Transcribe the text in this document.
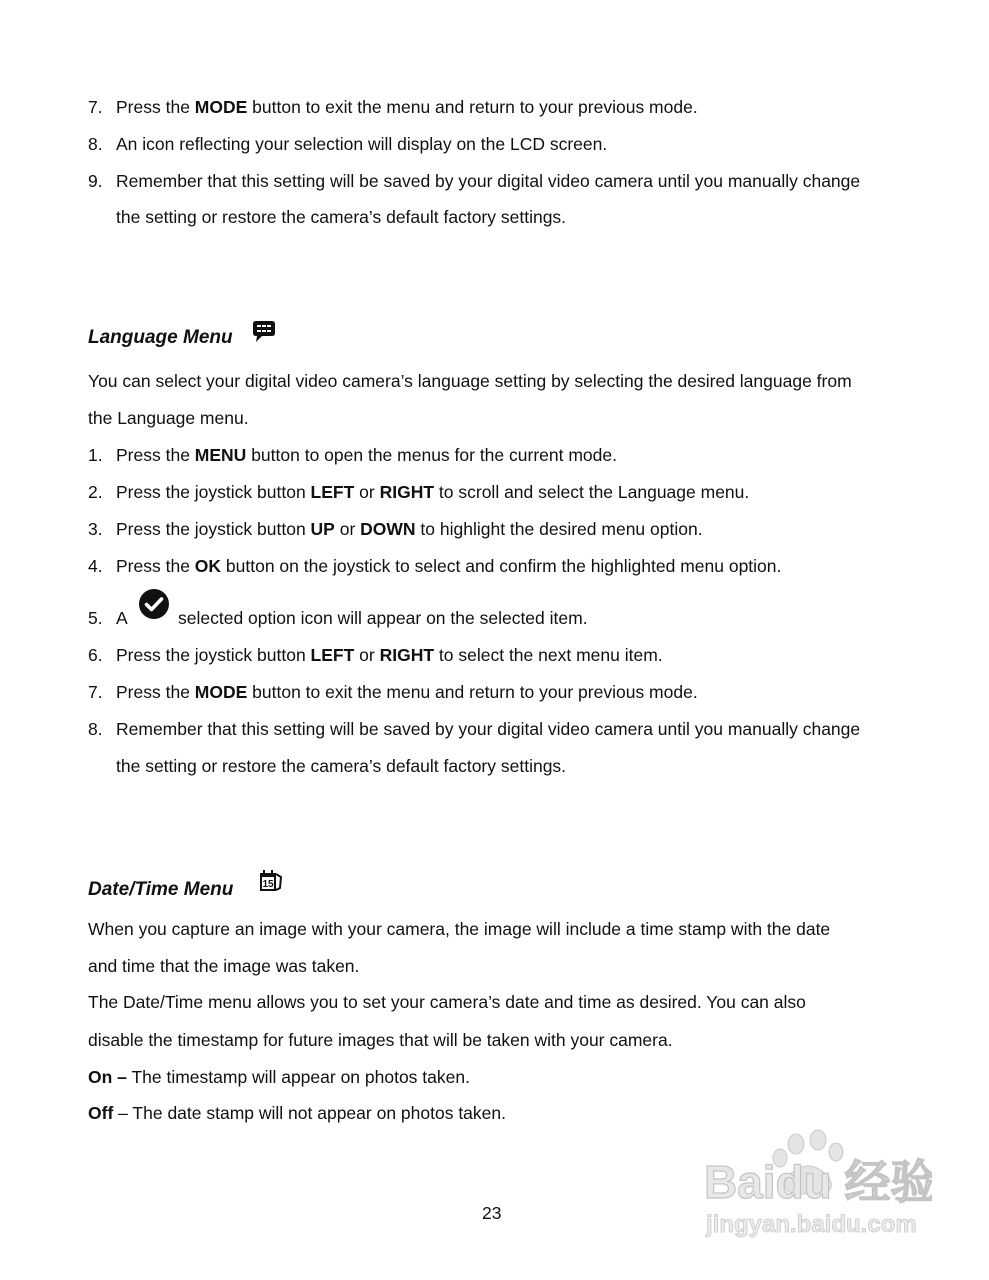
7. Press the MODE button to exit the menu and return to your previous mode.
8. An icon reflecting your selection will display on the LCD screen.
9. Remember that this setting will be saved by your digital video camera until you manually change
the setting or restore the camera’s default factory settings.
Language Menu
You can select your digital video camera’s language setting by selecting the desired language from
the Language menu.
1. Press the MENU button to open the menus for the current mode.
2. Press the joystick button LEFT or RIGHT to scroll and select the Language menu.
3. Press the joystick button UP or DOWN to highlight the desired menu option.
4. Press the OK button on the joystick to select and confirm the highlighted menu option.
5. A	selected option icon will appear on the selected item.
6. Press the joystick button LEFT or RIGHT to select the next menu item.
7. Press the MODE button to exit the menu and return to your previous mode.
8. Remember that this setting will be saved by your digital video camera until you manually change
the setting or restore the camera’s default factory settings.
Date/Time Menu	15
When you capture an image with your camera, the image will include a time stamp with the date
and time that the image was taken.
The Date/Time menu allows you to set your camera’s date and time as desired. You can also
disable the timestamp for future images that will be taken with your camera.
On – The timestamp will appear on photos taken.
Off – The date stamp will not appear on photos taken.
23
Baidu 经验
jingyan.baidu.com
